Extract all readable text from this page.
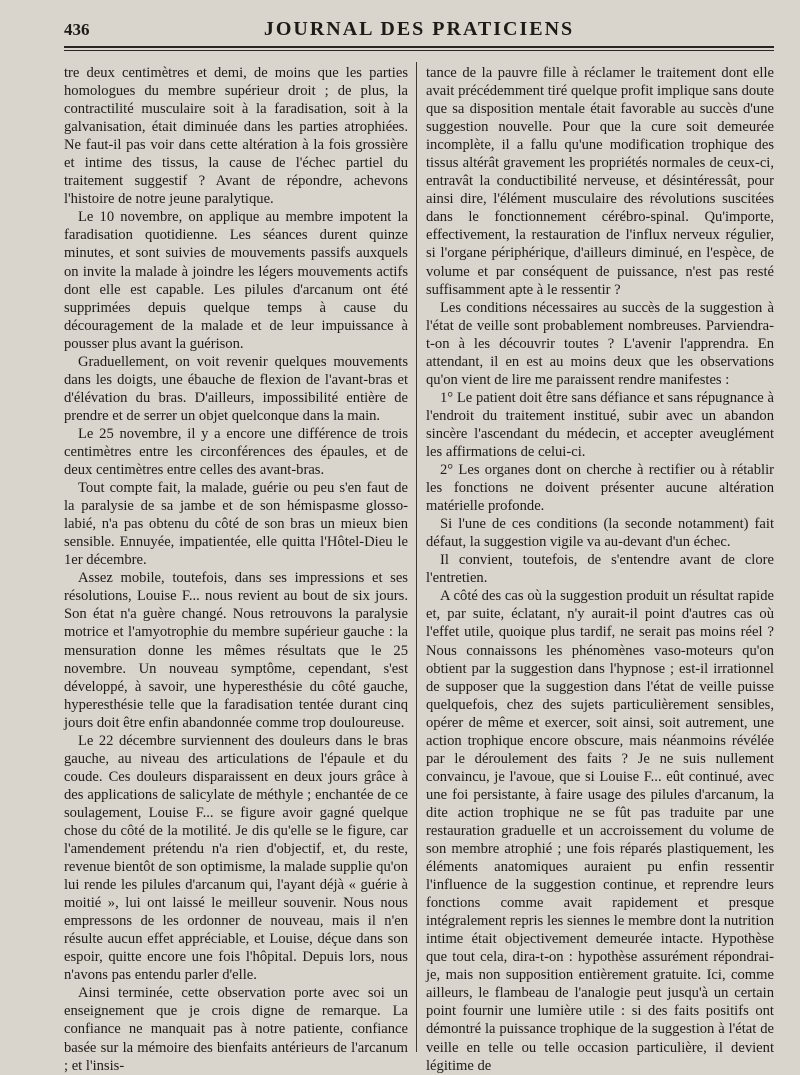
436	JOURNAL DES PRATICIENS

tre deux centimètres et demi, de moins que les parties homologues du membre supérieur droit ; de plus, la contractilité musculaire soit à la faradisation, soit à la galvanisation, était diminuée dans les parties atrophiées. Ne faut-il pas voir dans cette altération à la fois grossière et intime des tissus, la cause de l'échec partiel du traitement suggestif ? Avant de répondre, achevons l'histoire de notre jeune paralytique.

Le 10 novembre, on applique au membre impotent la faradisation quotidienne. Les séances durent quinze minutes, et sont suivies de mouvements passifs auxquels on invite la malade à joindre les légers mouvements actifs dont elle est capable. Les pilules d'arcanum ont été supprimées depuis quelque temps à cause du découragement de la malade et de leur impuissance à pousser plus avant la guérison.

Graduellement, on voit revenir quelques mouvements dans les doigts, une ébauche de flexion de l'avant-bras et d'élévation du bras. D'ailleurs, impossibilité entière de prendre et de serrer un objet quelconque dans la main.

Le 25 novembre, il y a encore une différence de trois centimètres entre les circonférences des épaules, et de deux centimètres entre celles des avant-bras.

Tout compte fait, la malade, guérie ou peu s'en faut de la paralysie de sa jambe et de son hémispasme glosso-labié, n'a pas obtenu du côté de son bras un mieux bien sensible. Ennuyée, impatientée, elle quitta l'Hôtel-Dieu le 1er décembre.

Assez mobile, toutefois, dans ses impressions et ses résolutions, Louise F... nous revient au bout de six jours. Son état n'a guère changé. Nous retrouvons la paralysie motrice et l'amyotrophie du membre supérieur gauche : la mensuration donne les mêmes résultats que le 25 novembre. Un nouveau symptôme, cependant, s'est développé, à savoir, une hyperesthésie du côté gauche, hyperesthésie telle que la faradisation tentée durant cinq jours doit être enfin abandonnée comme trop douloureuse.

Le 22 décembre surviennent des douleurs dans le bras gauche, au niveau des articulations de l'épaule et du coude. Ces douleurs disparaissent en deux jours grâce à des applications de salicylate de méthyle ; enchantée de ce soulagement, Louise F... se figure avoir gagné quelque chose du côté de la motilité. Je dis qu'elle se le figure, car l'amendement prétendu n'a rien d'objectif, et, du reste, revenue bientôt de son optimisme, la malade supplie qu'on lui rende les pilules d'arcanum qui, l'ayant déjà « guérie à moitié », lui ont laissé le meilleur souvenir. Nous nous empressons de les ordonner de nouveau, mais il n'en résulte aucun effet appréciable, et Louise, déçue dans son espoir, quitte encore une fois l'hôpital. Depuis lors, nous n'avons pas entendu parler d'elle.

Ainsi terminée, cette observation porte avec soi un enseignement que je crois digne de remarque. La confiance ne manquait pas à notre patiente, confiance basée sur la mémoire des bienfaits antérieurs de l'arcanum ; et l'insis-

tance de la pauvre fille à réclamer le traitement dont elle avait précédemment tiré quelque profit implique sans doute que sa disposition mentale était favorable au succès d'une suggestion nouvelle. Pour que la cure soit demeurée incomplète, il a fallu qu'une modification trophique des tissus altérât gravement les propriétés normales de ceux-ci, entravât la conductibilité nerveuse, et désintéressât, pour ainsi dire, l'élément musculaire des révolutions suscitées dans le fonctionnement cérébro-spinal. Qu'importe, effectivement, la restauration de l'influx nerveux régulier, si l'organe périphérique, d'ailleurs diminué, en l'espèce, de volume et par conséquent de puissance, n'est pas resté suffisamment apte à le ressentir ?

Les conditions nécessaires au succès de la suggestion à l'état de veille sont probablement nombreuses. Parviendra-t-on à les découvrir toutes ? L'avenir l'apprendra. En attendant, il en est au moins deux que les observations qu'on vient de lire me paraissent rendre manifestes :

1° Le patient doit être sans défiance et sans répugnance à l'endroit du traitement institué, subir avec un abandon sincère l'ascendant du médecin, et accepter aveuglément les affirmations de celui-ci.

2° Les organes dont on cherche à rectifier ou à rétablir les fonctions ne doivent présenter aucune altération matérielle profonde.

Si l'une de ces conditions (la seconde notamment) fait défaut, la suggestion vigile va au-devant d'un échec.

Il convient, toutefois, de s'entendre avant de clore l'entretien.

A côté des cas où la suggestion produit un résultat rapide et, par suite, éclatant, n'y aurait-il point d'autres cas où l'effet utile, quoique plus tardif, ne serait pas moins réel ? Nous connaissons les phénomènes vaso-moteurs qu'on obtient par la suggestion dans l'hypnose ; est-il irrationnel de supposer que la suggestion dans l'état de veille puisse quelquefois, chez des sujets particulièrement sensibles, opérer de même et exercer, soit ainsi, soit autrement, une action trophique encore obscure, mais néanmoins révélée par le déroulement des faits ? Je ne suis nullement convaincu, je l'avoue, que si Louise F... eût continué, avec une foi persistante, à faire usage des pilules d'arcanum, la dite action trophique ne se fût pas traduite par une restauration graduelle et un accroissement du volume de son membre atrophié ; une fois réparés plastiquement, les éléments anatomiques auraient pu enfin ressentir l'influence de la suggestion continue, et reprendre leurs fonctions comme avait rapidement et presque intégralement repris les siennes le membre dont la nutrition intime était objectivement demeurée intacte. Hypothèse que tout cela, dira-t-on : hypothèse assurément répondrai-je, mais non supposition entièrement gratuite. Ici, comme ailleurs, le flambeau de l'analogie peut jusqu'à un certain point fournir une lumière utile : si des faits positifs ont démontré la puissance trophique de la suggestion à l'état de veille en telle ou telle occasion particulière, il devient légitime de
